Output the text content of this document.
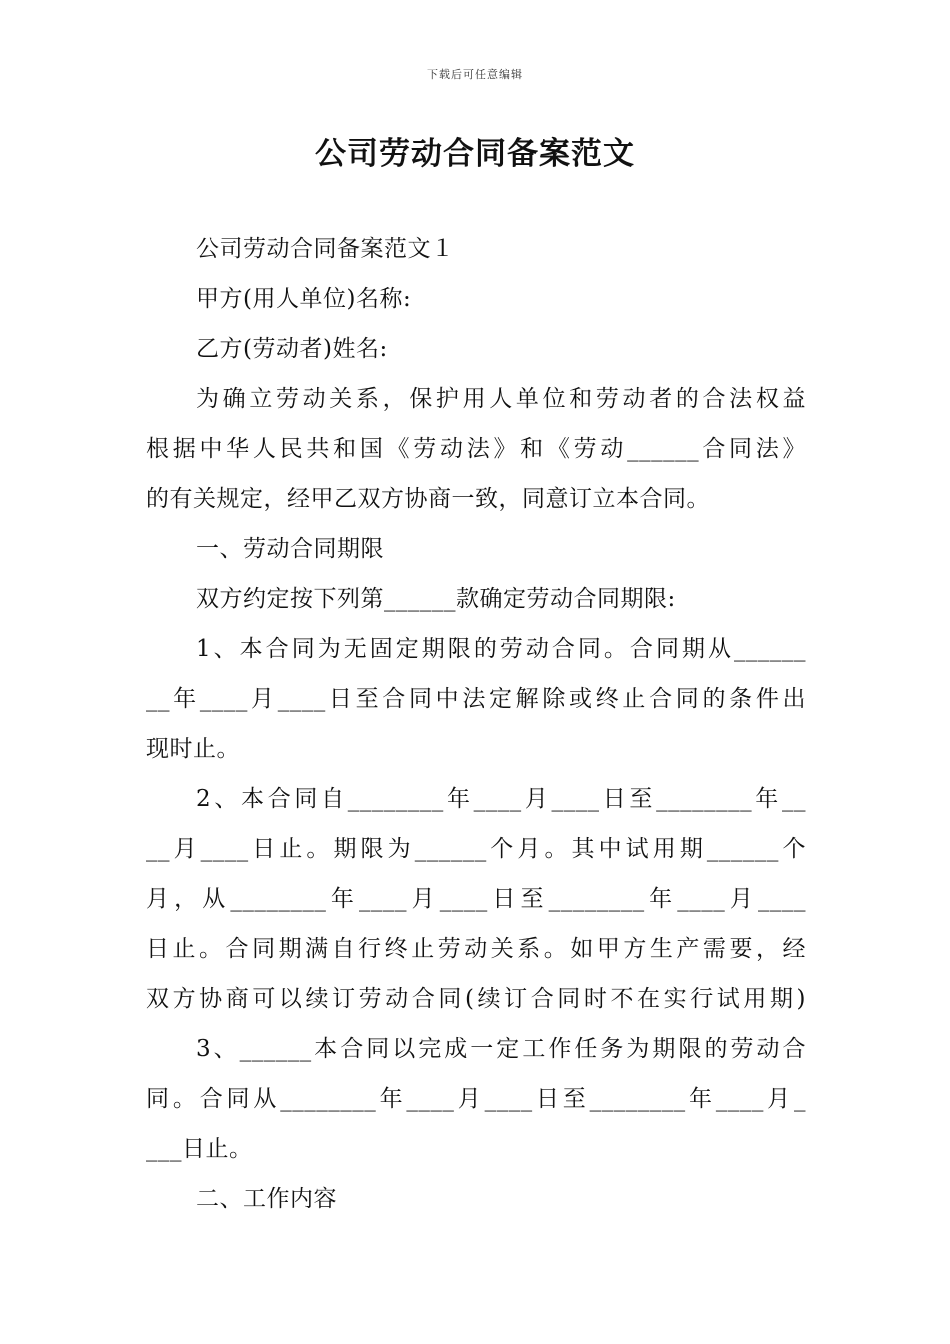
下载后可任意编辑
公司劳动合同备案范文
公司劳动合同备案范文１
甲方(用人单位)名称:
乙方(劳动者)姓名:
为确立劳动关系，保护用人单位和劳动者的合法权益
根据中华人民共和国《劳动法》和《劳动______合同法》
的有关规定，经甲乙双方协商一致，同意订立本合同。
一、劳动合同期限
双方约定按下列第______款确定劳动合同期限:
1、本合同为无固定期限的劳动合同。合同期从______
__年____月____日至合同中法定解除或终止合同的条件出
现时止。
2、本合同自________年____月____日至________年__
__月____日止。期限为______个月。其中试用期______个
月，从________年____月____日至________年____月____
日止。合同期满自行终止劳动关系。如甲方生产需要，经
双方协商可以续订劳动合同(续订合同时不在实行试用期)
3、______本合同以完成一定工作任务为期限的劳动合
同。合同从________年____月____日至________年____月_
___日止。
二、工作内容
